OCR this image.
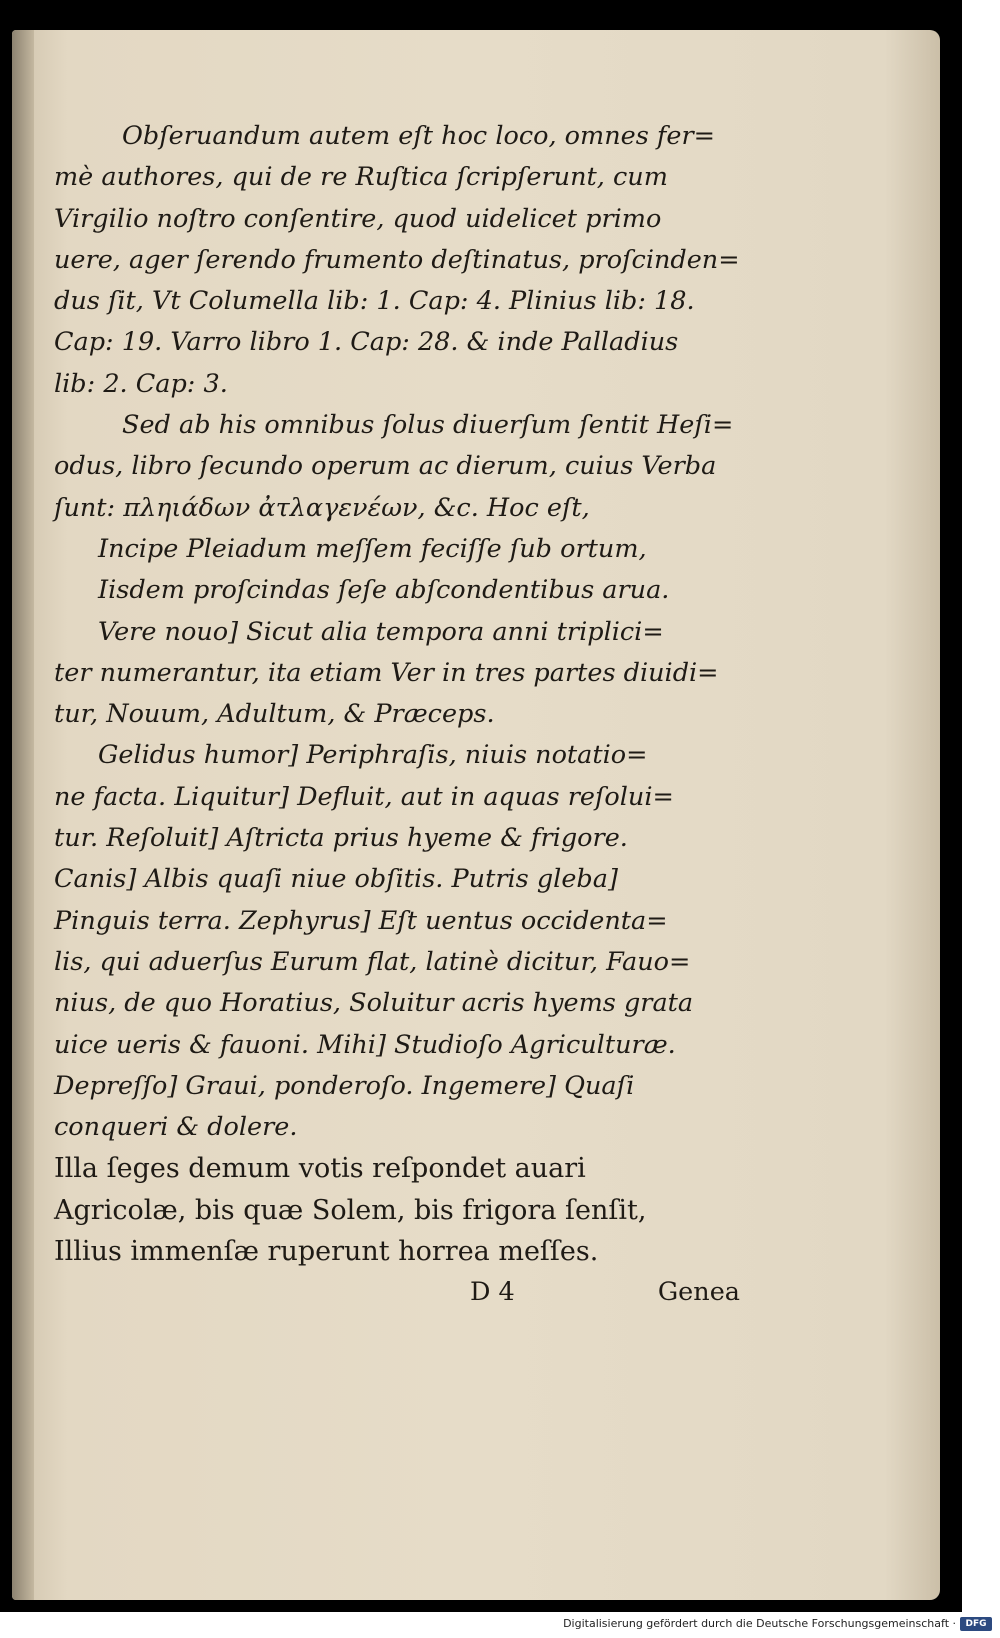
Obſeruandum autem eſt hoc loco, omnes fer=
mè authores, qui de re Ruſtica ſcripſerunt, cum
Virgilio noſtro conſentire, quod uidelicet primo
uere, ager ſerendo frumento deſtinatus, proſcinden=
dus ſit, Vt Columella lib: 1. Cap: 4. Plinius lib: 18.
Cap: 19. Varro libro 1. Cap: 28. & inde Palladius
lib: 2. Cap: 3.
Sed ab his omnibus ſolus diuerſum ſentit Heſi=
odus, libro ſecundo operum ac dierum, cuius Verba
ſunt: πληιάδων ἀτλαγενέων, &c. Hoc eſt,
Incipe Pleiadum meſſem feciſſe ſub ortum,
Iisdem proſcindas ſeſe abſcondentibus arua.
Vere nouo] Sicut alia tempora anni triplici=
ter numerantur, ita etiam Ver in tres partes diuidi=
tur, Nouum, Adultum, & Præceps.
Gelidus humor] Periphraſis, niuis notatio=
ne facta. Liquitur] Defluit, aut in aquas reſolui=
tur. Reſoluit] Aſtricta prius hyeme & frigore.
Canis] Albis quaſi niue obſitis. Putris gleba]
Pinguis terra. Zephyrus] Eſt uentus occidenta=
lis, qui aduerſus Eurum flat, latinè dicitur, Fauo=
nius, de quo Horatius, Soluitur acris hyems grata
uice ueris & fauoni. Mihi] Studioſo Agriculturæ.
Depreſſo] Graui, ponderoſo. Ingemere] Quaſi
conqueri & dolere.
Illa ſeges demum votis reſpondet auari
Agricolæ, bis quæ Solem, bis frigora ſenſit,
Illius immenſæ ruperunt horrea meſſes.
D 4	Genea
Digitalisierung gefördert durch die Deutsche Forschungsgemeinschaft ·	DFG
